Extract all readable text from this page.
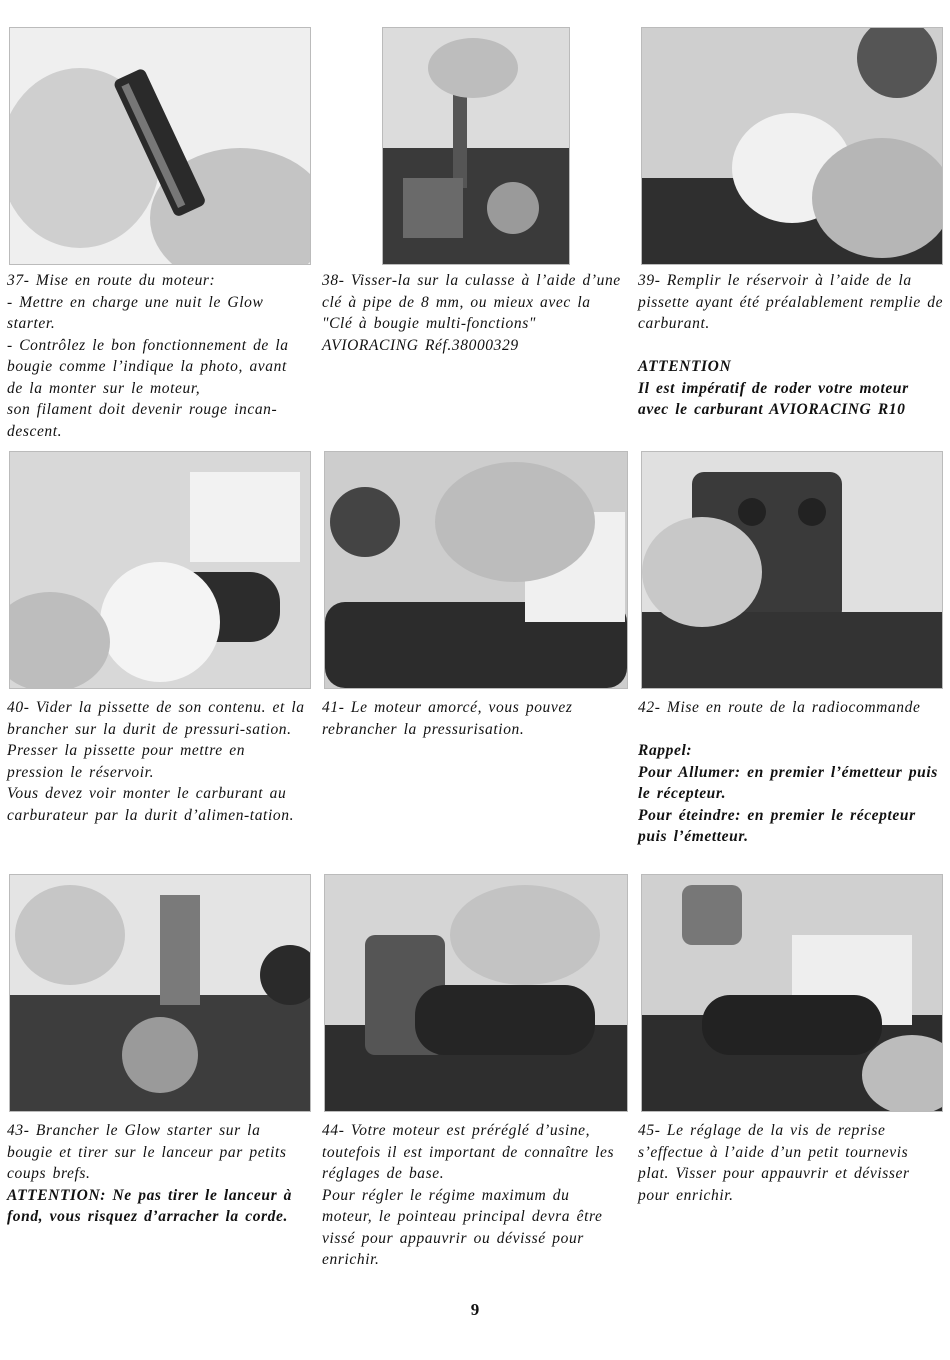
37- Mise en route du moteur:
- Mettre en charge une nuit le Glow starter.
- Contrôlez le bon fonctionnement de la bougie comme l’indique la photo, avant de la monter sur le moteur,
son filament doit devenir rouge incan-descent.

38- Visser-la sur la culasse à l’aide d’une clé à pipe de 8 mm, ou mieux avec la "Clé à bougie multi-fonctions" AVIORACING Réf.38000329

39- Remplir le réservoir à l’aide de la pissette ayant été préalablement remplie de carburant.

ATTENTION
Il est impératif de roder votre moteur avec le carburant AVIORACING R10

40- Vider la pissette de son contenu. et la brancher sur la durit de pressuri-sation. Presser la pissette pour mettre en pression le réservoir.
Vous devez voir monter le carburant au carburateur par la durit d’alimen-tation.

41- Le moteur amorcé, vous pouvez rebrancher la pressurisation.

42- Mise en route de la radiocommande

Rappel:
Pour Allumer: en premier l’émetteur puis le récepteur.
Pour éteindre: en premier le récepteur puis l’émetteur.

43- Brancher le Glow starter sur la bougie et tirer sur le lanceur par petits coups brefs.

ATTENTION: Ne pas tirer le lanceur à fond, vous risquez d’arracher la corde.

44- Votre moteur est préréglé d’usine, toutefois il est important de connaître les réglages de base.
Pour régler le régime maximum du moteur, le pointeau principal devra être vissé pour appauvrir ou dévissé pour enrichir.

45- Le réglage de la vis de reprise s’effectue à l’aide d’un petit tournevis plat. Visser pour appauvrir et dévisser pour enrichir.

9
